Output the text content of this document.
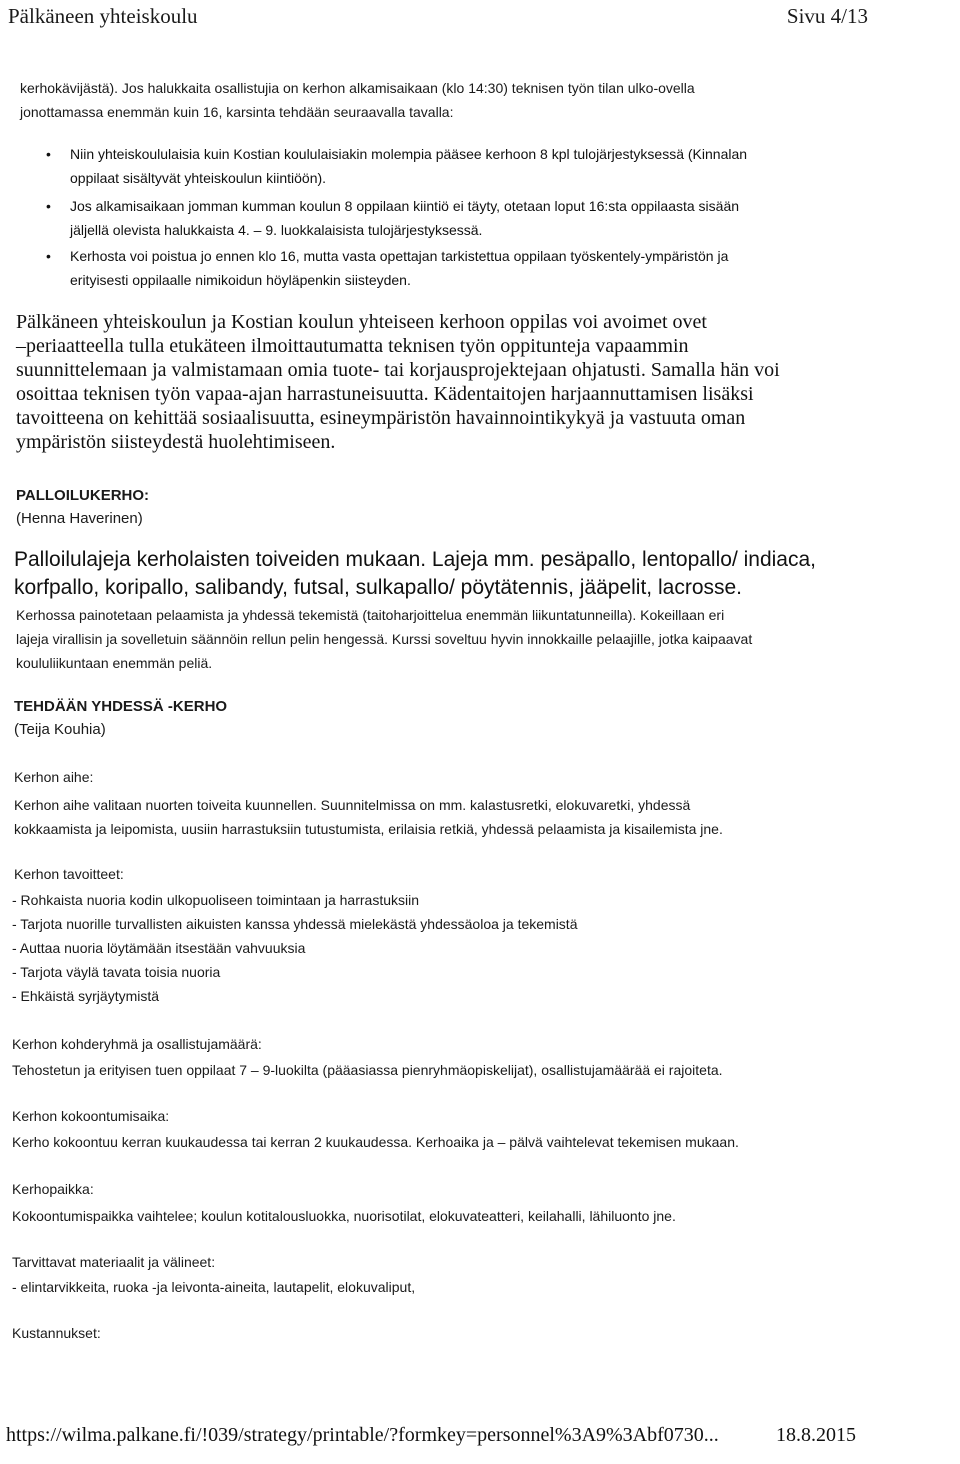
Pälkäneen yhteiskoulu	Sivu 4/13
kerhokävijästä). Jos halukkaita osallistujia on kerhon alkamisaikaan (klo 14:30) teknisen työn tilan ulko-ovella
jonottamassa enemmän kuin 16, karsinta tehdään seuraavalla tavalla:
• Niin yhteiskoululaisia kuin Kostian koululaisiakin molempia pääsee kerhoon 8 kpl tulojärjestyksessä (Kinnalan
oppilaat sisältyvät yhteiskoulun kiintiöön).
• Jos alkamisaikaan jomman kumman koulun 8 oppilaan kiintiö ei täyty, otetaan loput 16:sta oppilaasta sisään
jäljellä olevista halukkaista 4. – 9. luokkalaisista tulojärjestyksessä.
• Kerhosta voi poistua jo ennen klo 16, mutta vasta opettajan tarkistettua oppilaan työskentely-ympäristön ja
erityisesti oppilaalle nimikoidun höyläpenkin siisteyden.
Pälkäneen yhteiskoulun ja Kostian koulun yhteiseen kerhoon oppilas voi avoimet ovet
–periaatteella tulla etukäteen ilmoittautumatta teknisen työn oppitunteja vapaammin
suunnittelemaan ja valmistamaan omia tuote- tai korjausprojektejaan ohjatusti. Samalla hän voi
osoittaa teknisen työn vapaa-ajan harrastuneisuutta. Kädentaitojen harjaannuttamisen lisäksi
tavoitteena on kehittää sosiaalisuutta, esineympäristön havainnointikykyä ja vastuuta oman
ympäristön siisteydestä huolehtimiseen.
PALLOILUKERHO:
(Henna Haverinen)
Palloilulajeja kerholaisten toiveiden mukaan. Lajeja mm. pesäpallo, lentopallo/ indiaca,
korfpallo, koripallo, salibandy, futsal, sulkapallo/ pöytätennis, jääpelit, lacrosse.
Kerhossa painotetaan pelaamista ja yhdessä tekemistä (taitoharjoittelua enemmän liikuntatunneilla). Kokeillaan eri
lajeja virallisin ja sovelletuin säännöin rellun pelin hengessä. Kurssi soveltuu hyvin innokkaille pelaajille, jotka kaipaavat
koululiikuntaan enemmän peliä.
TEHDÄÄN YHDESSÄ -KERHO
(Teija Kouhia)
Kerhon aihe:
Kerhon aihe valitaan nuorten toiveita kuunnellen. Suunnitelmissa on mm. kalastusretki, elokuvaretki, yhdessä
kokkaamista ja leipomista, uusiin harrastuksiin tutustumista, erilaisia retkiä, yhdessä pelaamista ja kisailemista jne.
Kerhon tavoitteet:
- Rohkaista nuoria kodin ulkopuoliseen toimintaan ja harrastuksiin
- Tarjota nuorille turvallisten aikuisten kanssa yhdessä mielekästä yhdessäoloa ja tekemistä
- Auttaa nuoria löytämään itsestään vahvuuksia
- Tarjota väylä tavata toisia nuoria
- Ehkäistä syrjäytymistä
Kerhon kohderyhmä ja osallistujamäärä:
Tehostetun ja erityisen tuen oppilaat 7 – 9-luokilta (pääasiassa pienryhmäopiskelijat), osallistujamäärää ei rajoiteta.
Kerhon kokoontumisaika:
Kerho kokoontuu kerran kuukaudessa tai kerran 2 kuukaudessa. Kerhoaika ja – pälvä vaihtelevat tekemisen mukaan.
Kerhopaikka:
Kokoontumispaikka vaihtelee; koulun kotitalousluokka, nuorisotilat, elokuvateatteri, keilahalli, lähiluonto jne.
Tarvittavat materiaalit ja välineet:
- elintarvikkeita, ruoka -ja leivonta-aineita, lautapelit, elokuvaliput,
Kustannukset:
https://wilma.palkane.fi/!039/strategy/printable/?formkey=personnel%3A9%3Abf0730...	18.8.2015
